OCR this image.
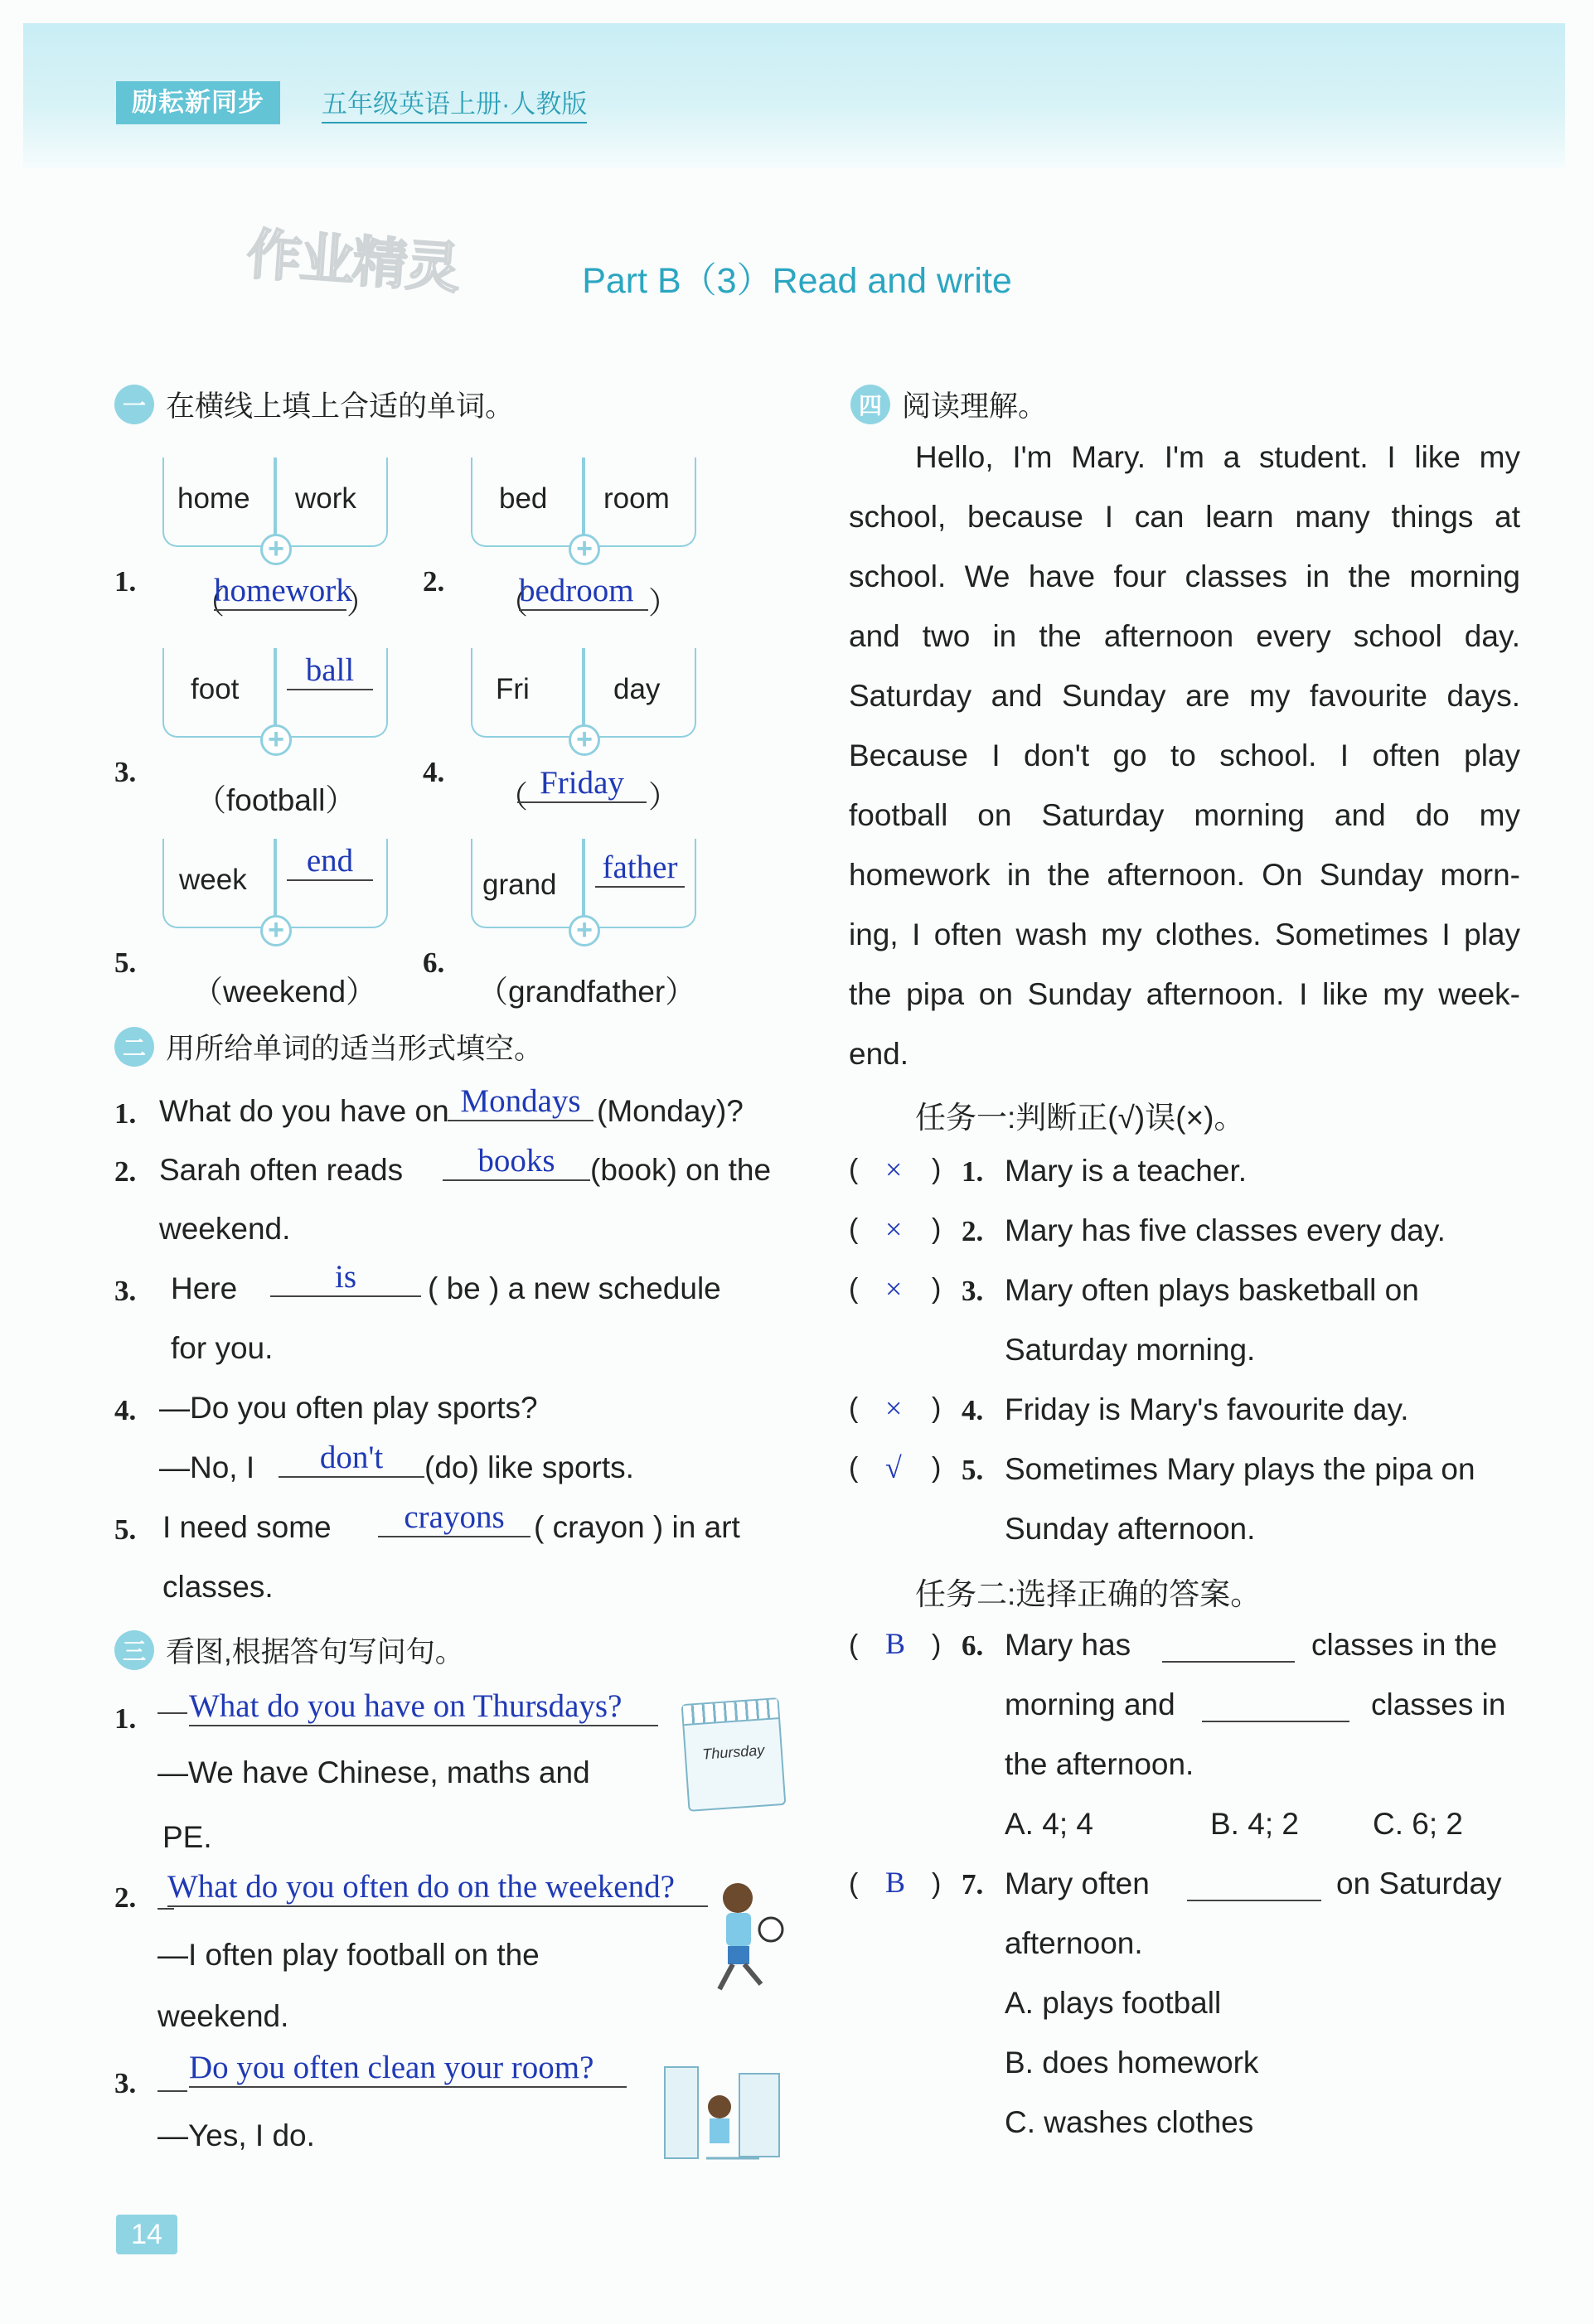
励耘新同步	五年级英语上册·人教版
作业精灵	Part B（3）Read and write
一 在横线上填上合适的单词。
home work
+
1.
（
homework
）
bed room
+
2.
（
bedroom ）
foot
ball
+
3.
（football）
Fri	day
+
4.
（ Friday ）
week
end
+
5.
（weekend）
grand father
+
6.
（grandfather）
二 用所给单词的适当形式填空。
1. What do you have on Mondays (Monday)?
2. Sarah often reads	books	(book) on the
weekend.
3. Here	is	( be ) a new schedule
for you.
4. —Do you often play sports?
—No, I	don't	(do) like sports.
5. I need some	crayons ( crayon ) in art
classes.
三 看图,根据答句写问句。
1. What do you have on Thursdays?
—We have Chinese, maths and
PE.
Thursday
2. What do you often do on the weekend?
—I often play football on the
weekend.
3. Do you often clean your room?
—Yes, I do.
四 阅读理解。
Hello, I'm Mary. I'm a student. I like my
school, because I can learn many things at
school. We have four classes in the morning
and two in the afternoon every school day.
Saturday and Sunday are my favourite days.
Because I don't go to school. I often play
football on Saturday morning and do my
homework in the afternoon. On Sunday morn-
ing, I often wash my clothes. Sometimes I play
the pipa on Sunday afternoon. I like my week-
end.
任务一:判断正(√)误(×)。
( × ) 1. Mary is a teacher.
( × ) 2. Mary has five classes every day.
( × ) 3. Mary often plays basketball on
Saturday morning.
( × ) 4. Friday is Mary's favourite day.
( √ ) 5. Sometimes Mary plays the pipa on
Sunday afternoon.
任务二:选择正确的答案。
( B ) 6. Mary has	classes in the
morning and	classes in
the afternoon.
A. 4; 4	B. 4; 2 C. 6; 2
( B ) 7. Mary often	on Saturday
afternoon.
A. plays football
B. does homework
C. washes clothes
14
